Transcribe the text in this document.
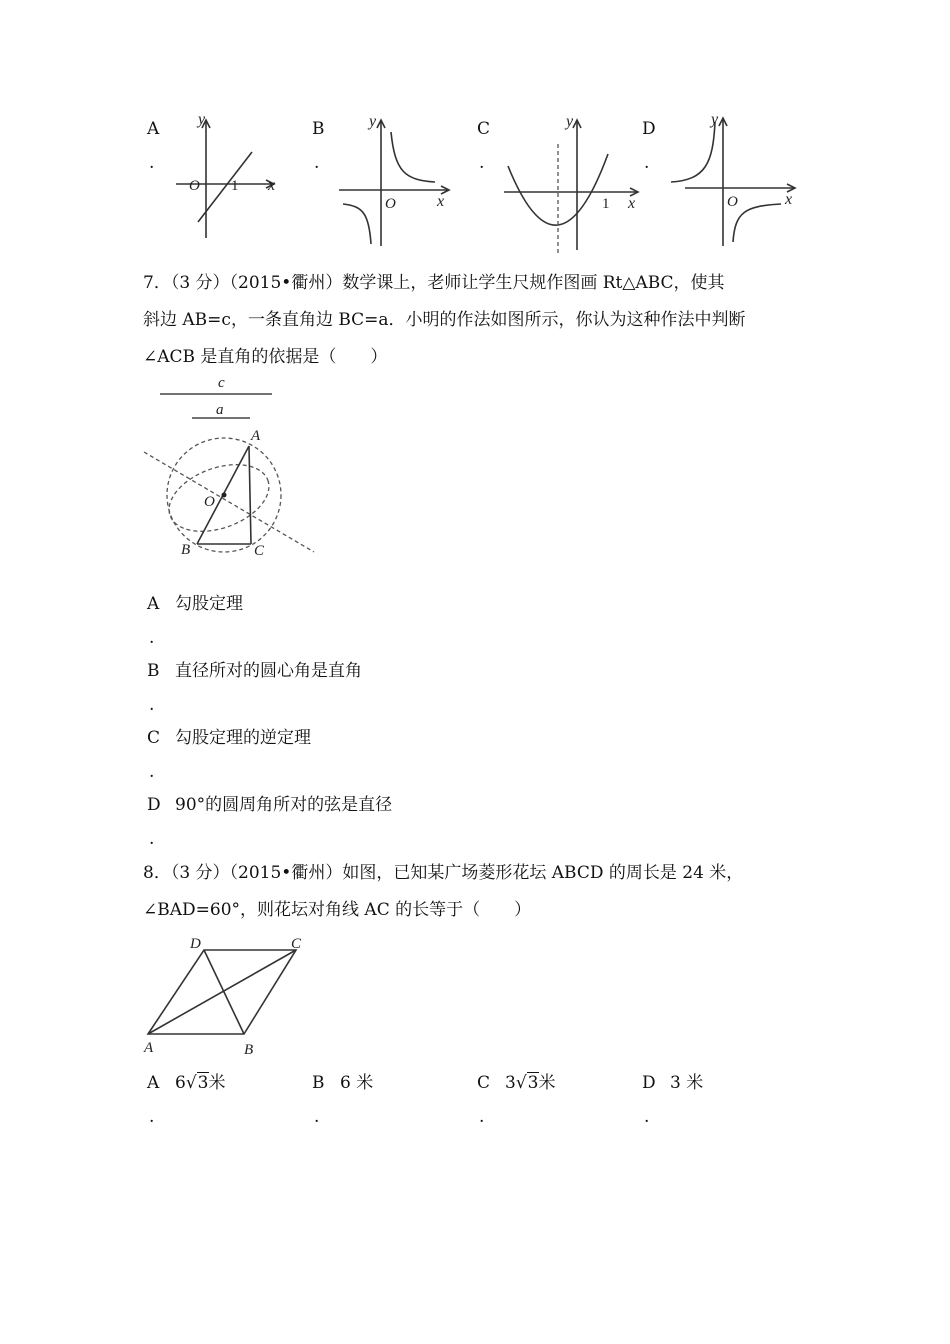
A
.
y
x
O 1
B
.
y
x
O
C
.
y
x
1
D
.
y
x
O
7．（3 分）（2015•衢州）数学课上，老师让学生尺规作图画 Rt△ABC，使其
斜边 AB=c，一条直角边 BC=a．小明的作法如图所示，你认为这种作法中判断
∠ACB 是直角的依据是（　　）
c
a
A
B	C
O
A 勾股定理
.
B 直径所对的圆心角是直角
.
C 勾股定理的逆定理
.
D 90°的圆周角所对的弦是直径
.
8．（3 分）（2015•衢州）如图，已知某广场菱形花坛 ABCD 的周长是 24 米，
∠BAD=60°，则花坛对角线 AC 的长等于（　　）
D	C
A	B
A 6√3米
.
B 6 米
.
C 3√3米
.
D 3 米
.
